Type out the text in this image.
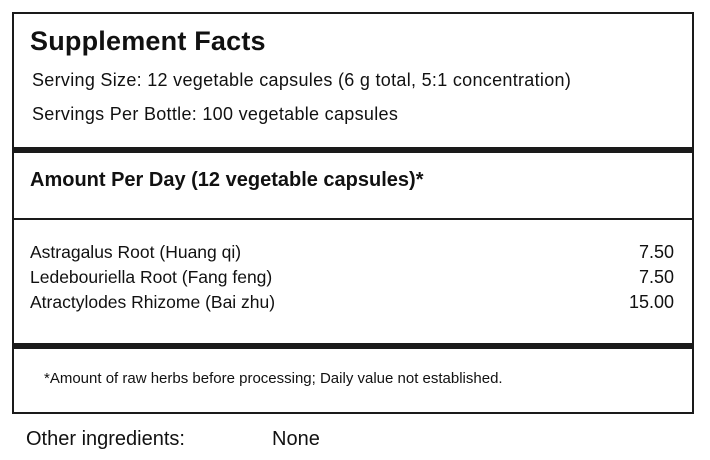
Supplement Facts
Serving Size: 12 vegetable capsules (6 g total, 5:1 concentration)
Servings Per Bottle: 100 vegetable capsules
Amount Per Day (12 vegetable capsules)*
Astragalus Root (Huang qi)	7.50
Ledebouriella Root (Fang feng)	7.50
Atractylodes Rhizome (Bai zhu)	15.00
*Amount of raw herbs before processing; Daily value not established.
Other ingredients:	None
